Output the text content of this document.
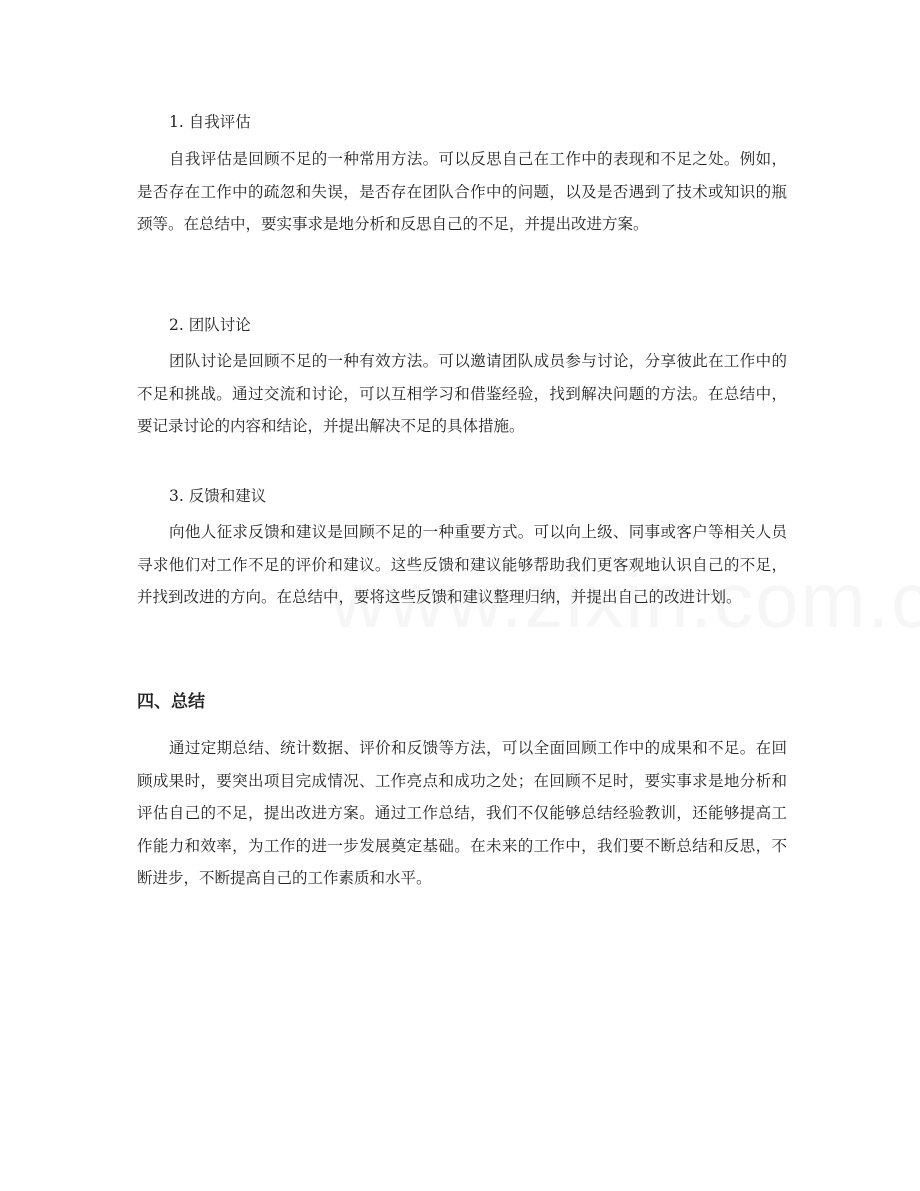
1. 自我评估

自我评估是回顾不足的一种常用方法。可以反思自己在工作中的表现和不足之处。例如，是否存在工作中的疏忽和失误，是否存在团队合作中的问题，以及是否遇到了技术或知识的瓶颈等。在总结中，要实事求是地分析和反思自己的不足，并提出改进方案。

2. 团队讨论

团队讨论是回顾不足的一种有效方法。可以邀请团队成员参与讨论，分享彼此在工作中的不足和挑战。通过交流和讨论，可以互相学习和借鉴经验，找到解决问题的方法。在总结中，要记录讨论的内容和结论，并提出解决不足的具体措施。

3. 反馈和建议

向他人征求反馈和建议是回顾不足的一种重要方式。可以向上级、同事或客户等相关人员寻求他们对工作不足的评价和建议。这些反馈和建议能够帮助我们更客观地认识自己的不足，并找到改进的方向。在总结中，要将这些反馈和建议整理归纳，并提出自己的改进计划。

四、总结

通过定期总结、统计数据、评价和反馈等方法，可以全面回顾工作中的成果和不足。在回顾成果时，要突出项目完成情况、工作亮点和成功之处；在回顾不足时，要实事求是地分析和评估自己的不足，提出改进方案。通过工作总结，我们不仅能够总结经验教训，还能够提高工作能力和效率，为工作的进一步发展奠定基础。在未来的工作中，我们要不断总结和反思，不断进步，不断提高自己的工作素质和水平。
